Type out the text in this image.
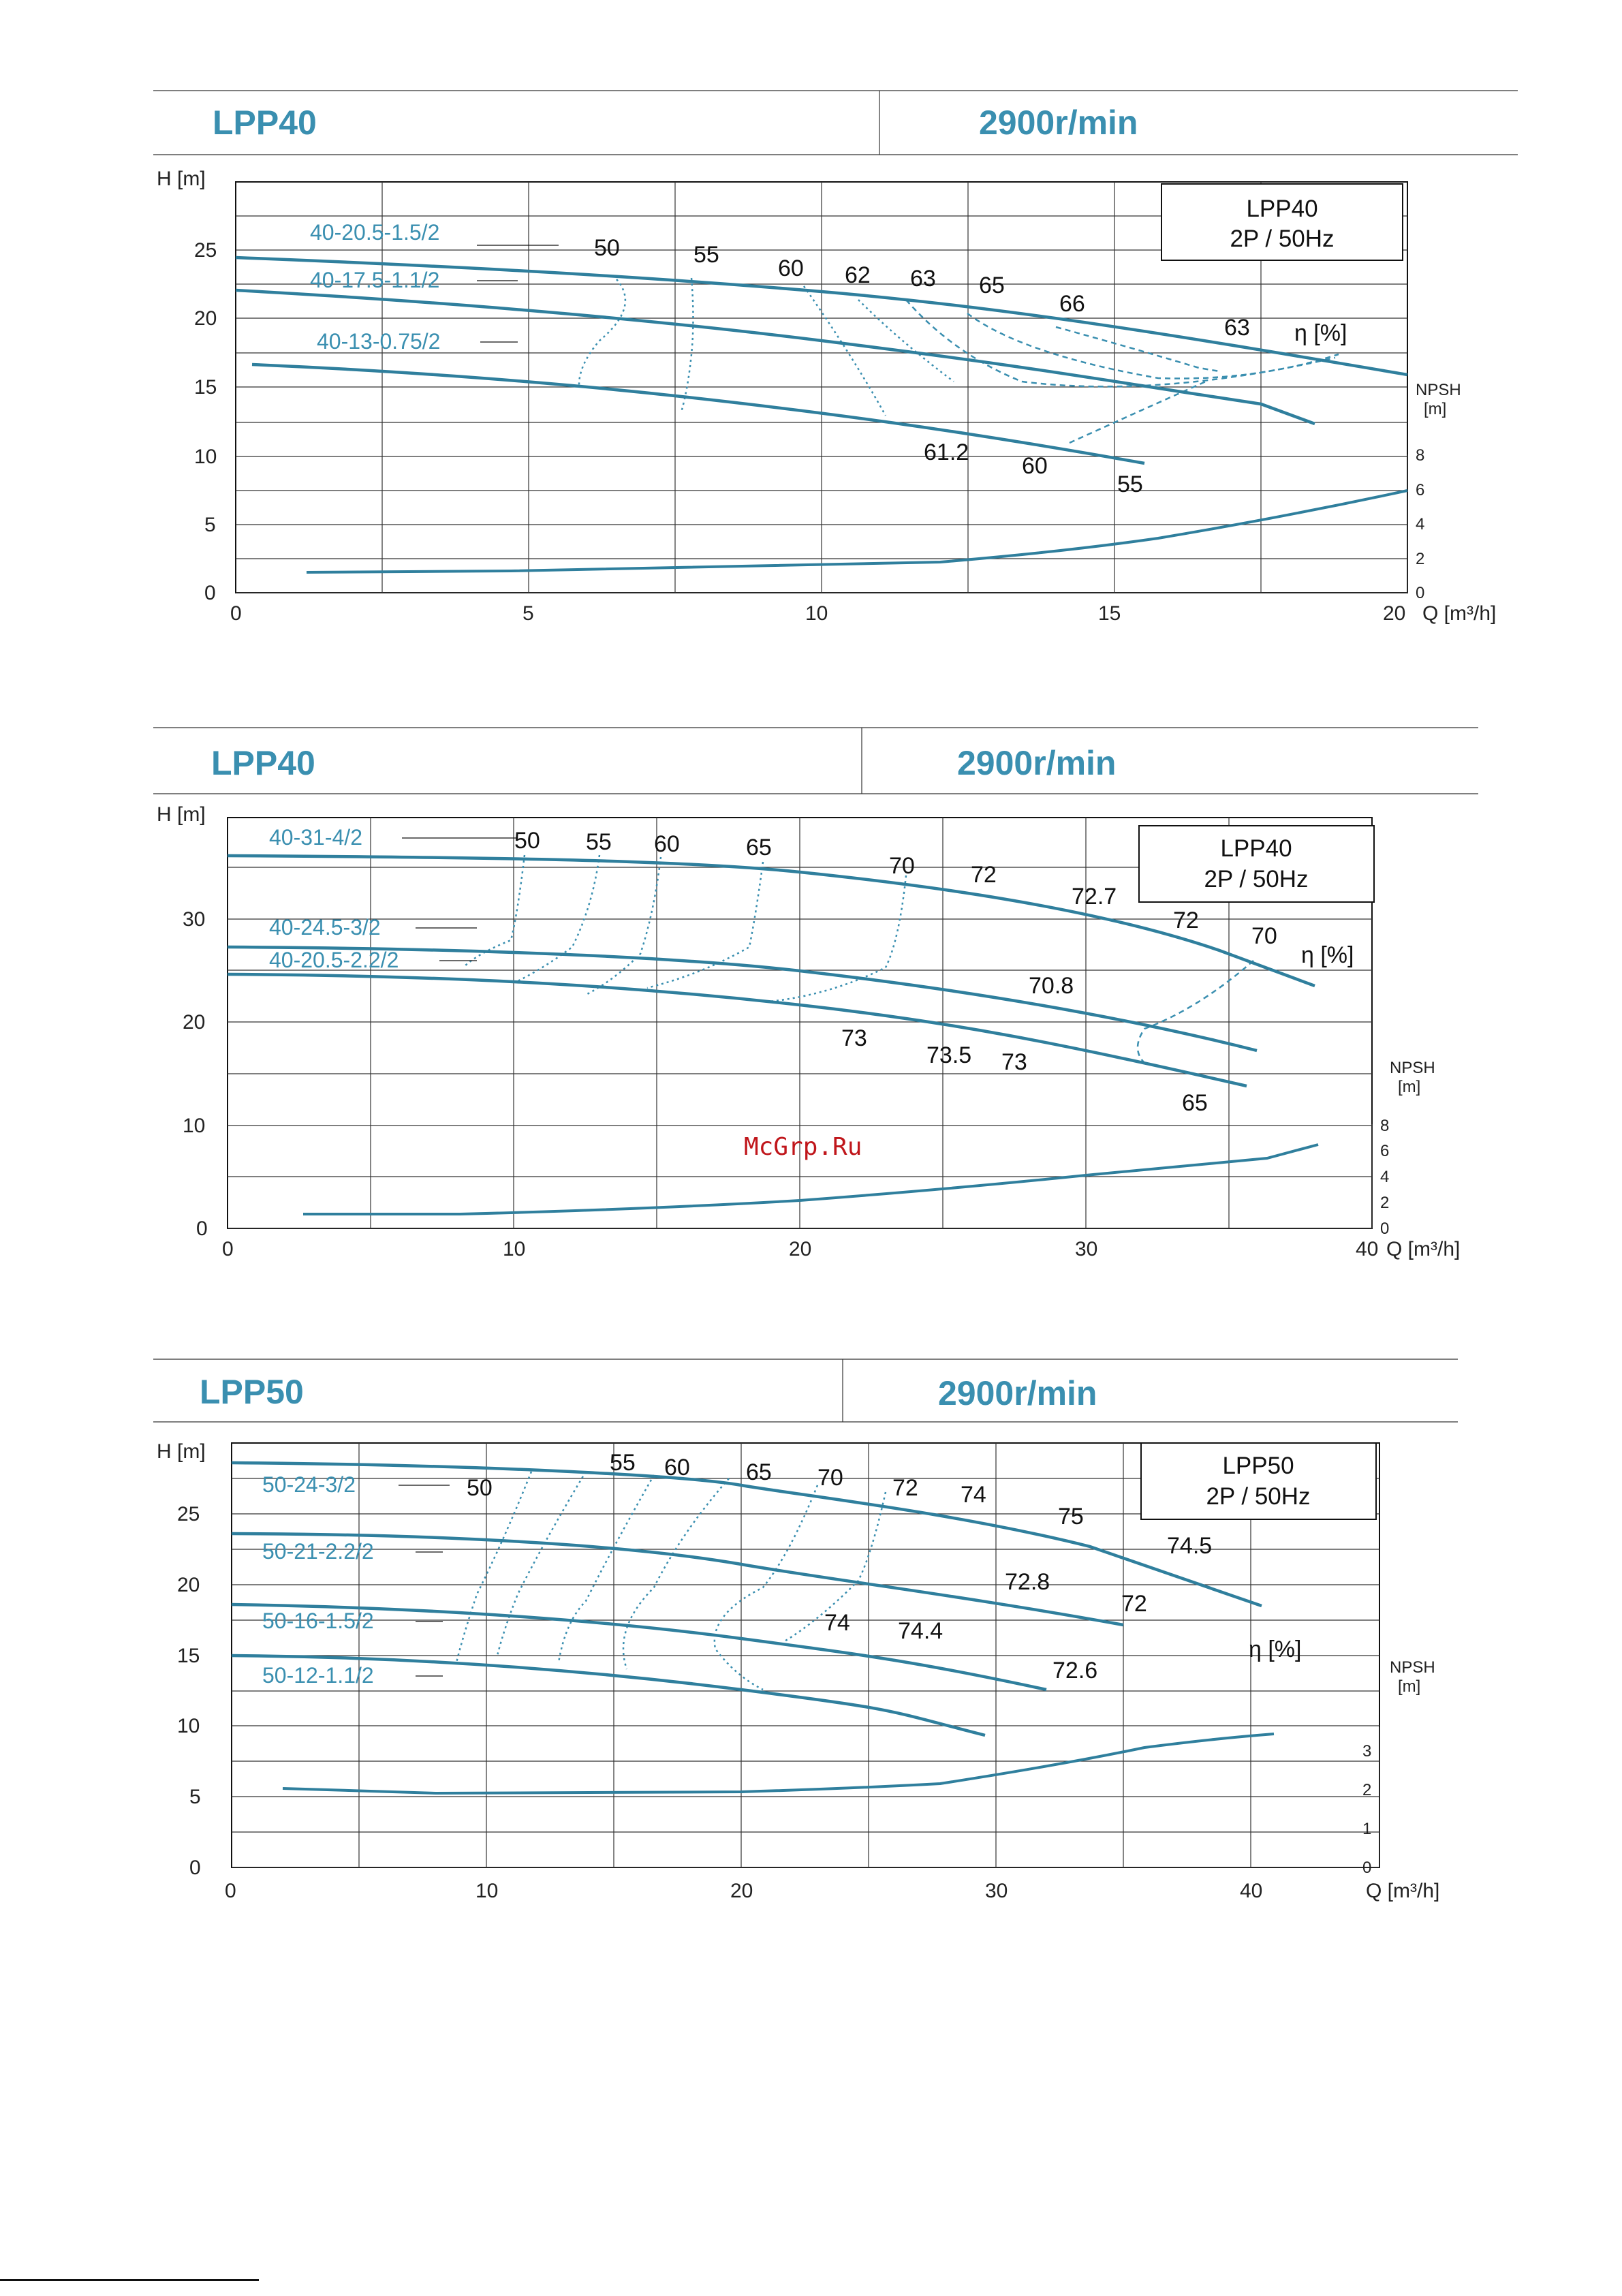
LPP40	2900r/min
H [m]
0
5
10
15
20
25
0	5	10	15	20 Q [m³/h]
0
2
4
6
8
NPSH
[m]
LPP40
2P / 50Hz
40-20.5-1.5/2
40-17.5-1.1/2
40-13-0.75/2
50	55
60 62 63 65
66
63
61.2
60
55
η [%]
LPP40	2900r/min
H [m]
0
10
20
30
0	10	20	30	40 Q [m³/h]
0
2
4
6
8
NPSH
[m]
LPP40
2P / 50Hz
40-31-4/2
40-24.5-3/2
40-20.5-2.2/2
50 55 60	65
70 72
72.7
72
70
70.8
73
73.5 73
65
η [%]
McGrp.Ru
LPP50	2900r/min
H [m]
0
5
10
15
20
25
0	10	20	30	40	Q [m³/h]
0
1
2
3
NPSH
[m]
LPP50
2P / 50Hz
50-24-3/2
50-21-2.2/2
50-16-1.5/2
50-12-1.1/2
50
55 60 65 70 72 74
75
74.5
72.8
72
74 74.4
72.6
η [%]
